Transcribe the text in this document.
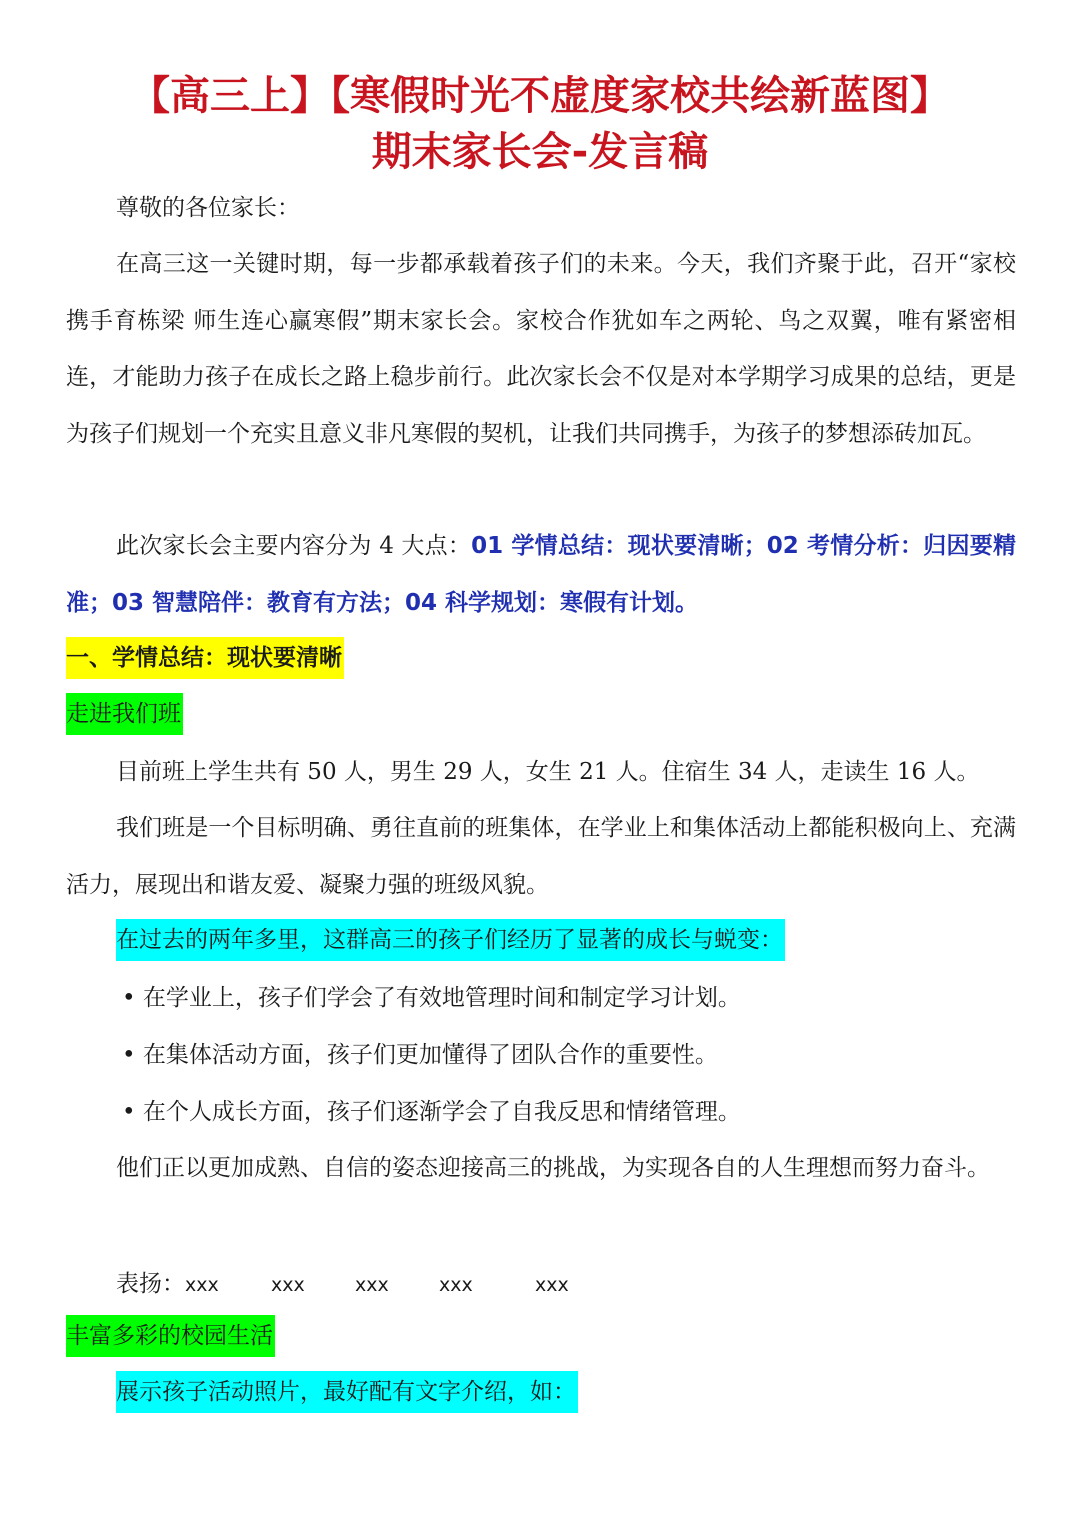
【高三上】【寒假时光不虚度家校共绘新蓝图】
期末家长会-发言稿

尊敬的各位家长：

在高三这一关键时期，每一步都承载着孩子们的未来。今天，我们齐聚于此，召开“家校携手育栋梁 师生连心赢寒假”期末家长会。家校合作犹如车之两轮、鸟之双翼，唯有紧密相连，才能助力孩子在成长之路上稳步前行。此次家长会不仅是对本学期学习成果的总结，更是为孩子们规划一个充实且意义非凡寒假的契机，让我们共同携手，为孩子的梦想添砖加瓦。

此次家长会主要内容分为 4 大点：01 学情总结：现状要清晰；02 考情分析：归因要精准；03 智慧陪伴：教育有方法；04 科学规划：寒假有计划。

一、学情总结：现状要清晰
走进我们班

目前班上学生共有 50 人，男生 29 人，女生 21 人。住宿生 34 人，走读生 16 人。

我们班是一个目标明确、勇往直前的班集体，在学业上和集体活动上都能积极向上、充满活力，展现出和谐友爱、凝聚力强的班级风貌。

在过去的两年多里，这群高三的孩子们经历了显著的成长与蜕变：
• 在学业上，孩子们学会了有效地管理时间和制定学习计划。
• 在集体活动方面，孩子们更加懂得了团队合作的重要性。
• 在个人成长方面，孩子们逐渐学会了自我反思和情绪管理。

他们正以更加成熟、自信的姿态迎接高三的挑战，为实现各自的人生理想而努力奋斗。

表扬：xxx	xxx	xxx	xxx	xxx
丰富多彩的校园生活
展示孩子活动照片，最好配有文字介绍，如：
